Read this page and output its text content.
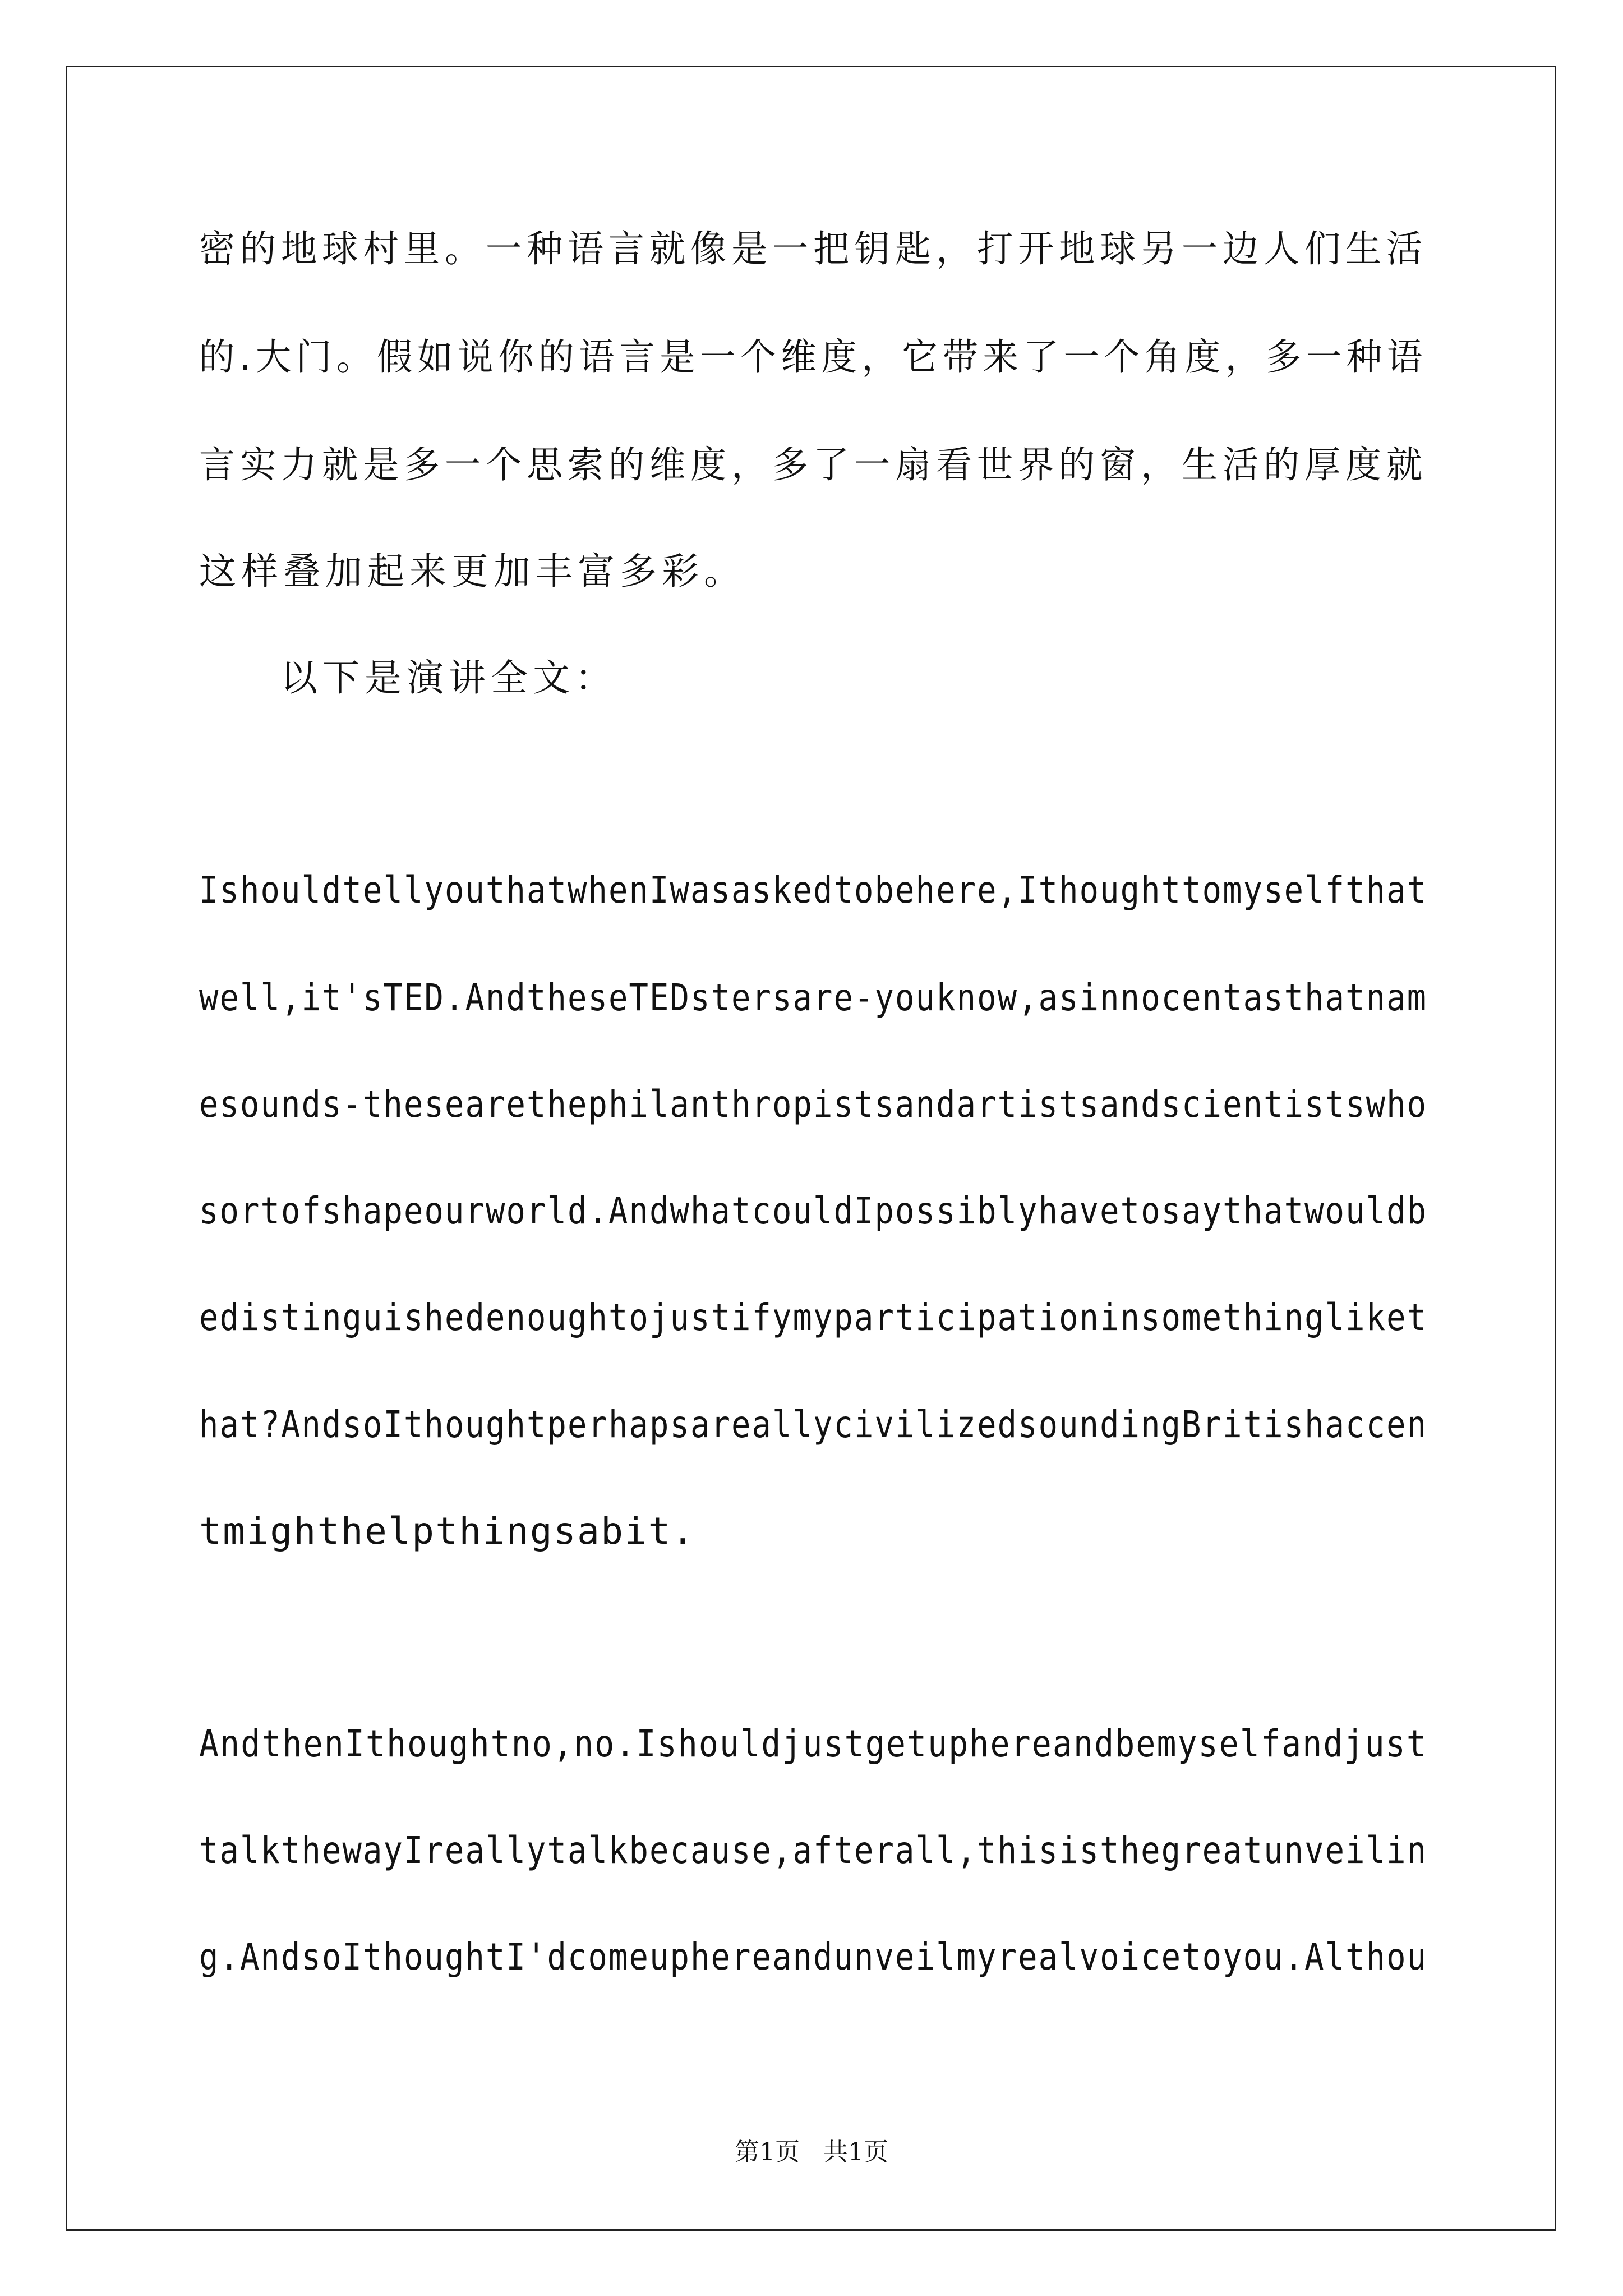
密的地球村里。一种语言就像是一把钥匙，打开地球另一边人们生活
的.大门。假如说你的语言是一个维度，它带来了一个角度，多一种语
言实力就是多一个思索的维度，多了一扇看世界的窗，生活的厚度就
这样叠加起来更加丰富多彩。
以下是演讲全文：
IshouldtellyouthatwhenIwasaskedtobehere,Ithoughttomyselfthat
well,it'sTED.AndtheseTEDstersare-youknow,asinnocentasthatnam
esounds-thesearethephilanthropistsandartistsandscientistswho
sortofshapeourworld.AndwhatcouldIpossiblyhavetosaythatwouldb
edistinguishedenoughtojustifymyparticipationinsomethingliket
hat?AndsoIthoughtperhapsareallycivilizedsoundingBritishaccen
tmighthelpthingsabit.
AndthenIthoughtno,no.Ishouldjustgetuphereandbemyselfandjust
talkthewayIreallytalkbecause,afterall,thisisthegreatunveilin
g.AndsoIthoughtI'dcomeuphereandunveilmyrealvoicetoyou.Althou
第1页   共1页
